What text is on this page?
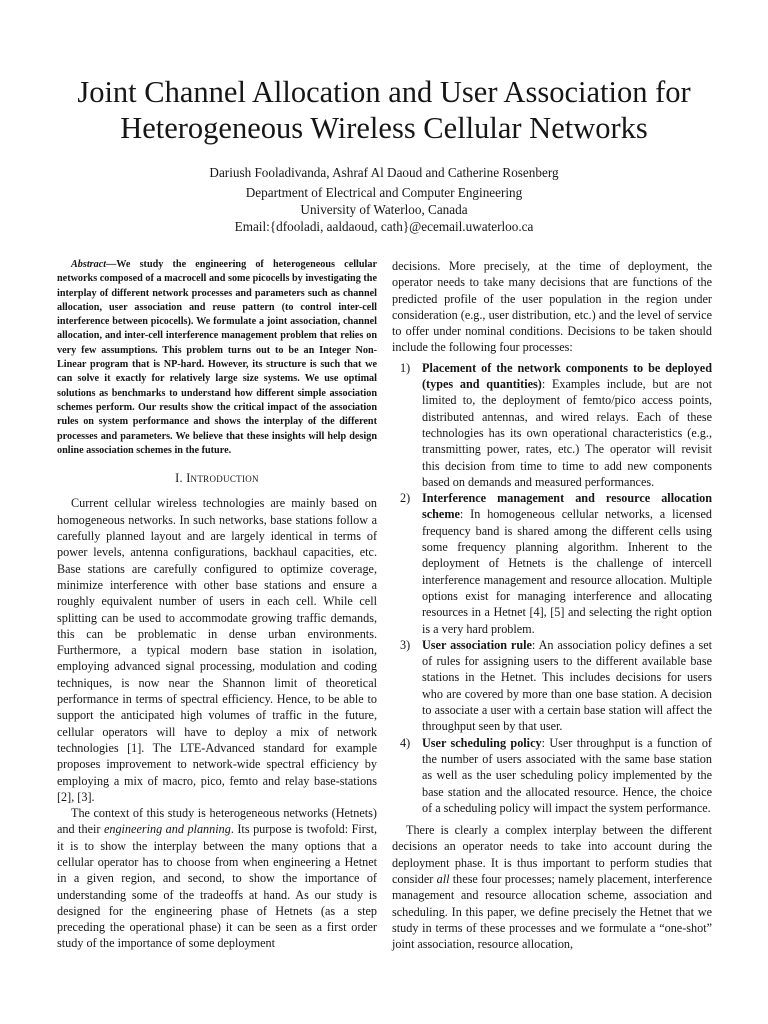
Joint Channel Allocation and User Association for
Heterogeneous Wireless Cellular Networks
Dariush Fooladivanda, Ashraf Al Daoud and Catherine Rosenberg
Department of Electrical and Computer Engineering
University of Waterloo, Canada
Email:{dfooladi, aaldaoud, cath}@ecemail.uwaterloo.ca

Abstract—We study the engineering of heterogeneous cellular networks composed of a macrocell and some picocells by investigating the interplay of different network processes and parameters such as channel allocation, user association and reuse pattern (to control inter-cell interference between picocells). We formulate a joint association, channel allocation, and inter-cell interference management problem that relies on very few assumptions. This problem turns out to be an Integer Non-Linear program that is NP-hard. However, its structure is such that we can solve it exactly for relatively large size systems. We use optimal solutions as benchmarks to understand how different simple association schemes perform. Our results show the critical impact of the association rules on system performance and shows the interplay of the different processes and parameters. We believe that these insights will help design online association schemes in the future.

I. Introduction

Current cellular wireless technologies are mainly based on homogeneous networks. In such networks, base stations follow a carefully planned layout and are largely identical in terms of power levels, antenna configurations, backhaul capacities, etc. Base stations are carefully configured to optimize coverage, minimize interference with other base stations and ensure a roughly equivalent number of users in each cell. While cell splitting can be used to accommodate growing traffic demands, this can be problematic in dense urban environments. Furthermore, a typical modern base station in isolation, employing advanced signal processing, modulation and coding techniques, is now near the Shannon limit of theoretical performance in terms of spectral efficiency. Hence, to be able to support the anticipated high volumes of traffic in the future, cellular operators will have to deploy a mix of network technologies [1]. The LTE-Advanced standard for example proposes improvement to network-wide spectral efficiency by employing a mix of macro, pico, femto and relay base-stations [2], [3].

The context of this study is heterogeneous networks (Hetnets) and their engineering and planning. Its purpose is twofold: First, it is to show the interplay between the many options that a cellular operator has to choose from when engineering a Hetnet in a given region, and second, to show the importance of understanding some of the tradeoffs at hand. As our study is designed for the engineering phase of Hetnets (as a step preceding the operational phase) it can be seen as a first order study of the importance of some deployment

decisions. More precisely, at the time of deployment, the operator needs to take many decisions that are functions of the predicted profile of the user population in the region under consideration (e.g., user distribution, etc.) and the level of service to offer under nominal conditions. Decisions to be taken should include the following four processes:

1) Placement of the network components to be deployed (types and quantities): Examples include, but are not limited to, the deployment of femto/pico access points, distributed antennas, and wired relays. Each of these technologies has its own operational characteristics (e.g., transmitting power, rates, etc.) The operator will revisit this decision from time to time to add new components based on demands and measured performances.
2) Interference management and resource allocation scheme: In homogeneous cellular networks, a licensed frequency band is shared among the different cells using some frequency planning algorithm. Inherent to the deployment of Hetnets is the challenge of intercell interference management and resource allocation. Multiple options exist for managing interference and allocating resources in a Hetnet [4], [5] and selecting the right option is a very hard problem.
3) User association rule: An association policy defines a set of rules for assigning users to the different available base stations in the Hetnet. This includes decisions for users who are covered by more than one base station. A decision to associate a user with a certain base station will affect the throughput seen by that user.
4) User scheduling policy: User throughput is a function of the number of users associated with the same base station as well as the user scheduling policy implemented by the base station and the allocated resource. Hence, the choice of a scheduling policy will impact the system performance.

There is clearly a complex interplay between the different decisions an operator needs to take into account during the deployment phase. It is thus important to perform studies that consider all these four processes; namely placement, interference management and resource allocation scheme, association and scheduling. In this paper, we define precisely the Hetnet that we study in terms of these processes and we formulate a “one-shot” joint association, resource allocation,
